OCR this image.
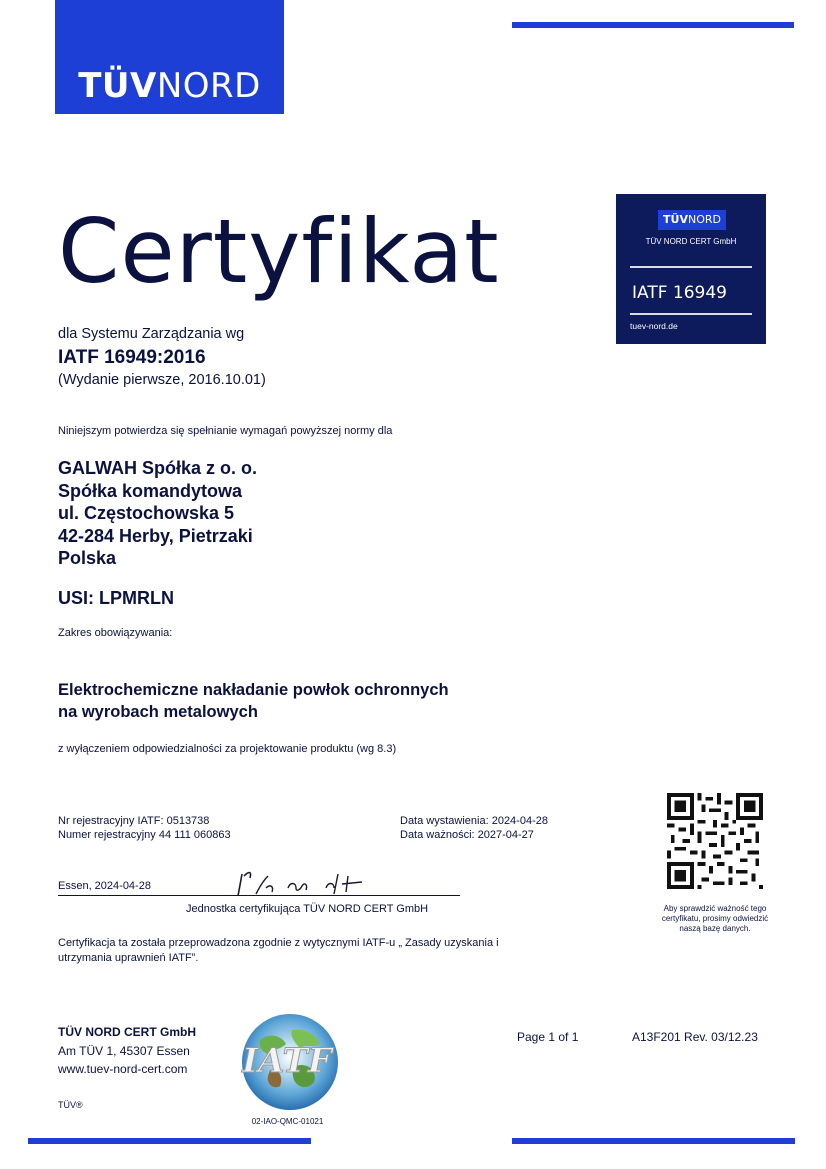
TÜVNORD
Certyfikat	TÜVNORD
TÜV NORD CERT GmbH
IATF 16949
tuev-nord.de
dla Systemu Zarządzania wg
IATF 16949:2016
(Wydanie pierwsze, 2016.10.01)
Niniejszym potwierdza się spełnianie wymagań powyższej normy dla
GALWAH Spółka z o. o.
Spółka komandytowa
ul. Częstochowska 5
42-284 Herby, Pietrzaki
Polska
USI: LPMRLN
Zakres obowiązywania:
Elektrochemiczne nakładanie powłok ochronnych
na wyrobach metalowych
z wyłączeniem odpowiedzialności za projektowanie produktu (wg 8.3)
Nr rejestracyjny IATF: 0513738
Numer rejestracyjny 44 111 060863
Data wystawienia: 2024-04-28
Data ważności: 2027-04-27
Essen, 2024-04-28
Jednostka certyfikująca TÜV NORD CERT GmbH	Aby sprawdzić ważność tego certyfikatu, prosimy odwiedzić naszą bazę danych.
Certyfikacja ta została przeprowadzona zgodnie z wytycznymi IATF-u „ Zasady uzyskania i
utrzymania uprawnień IATF”.
TÜV NORD CERT GmbH
Am TÜV 1, 45307 Essen
www.tuev-nord-cert.com
TÜV®
IATF
02-IAO-QMC-01021
Page 1 of 1	A13F201 Rev. 03/12.23
